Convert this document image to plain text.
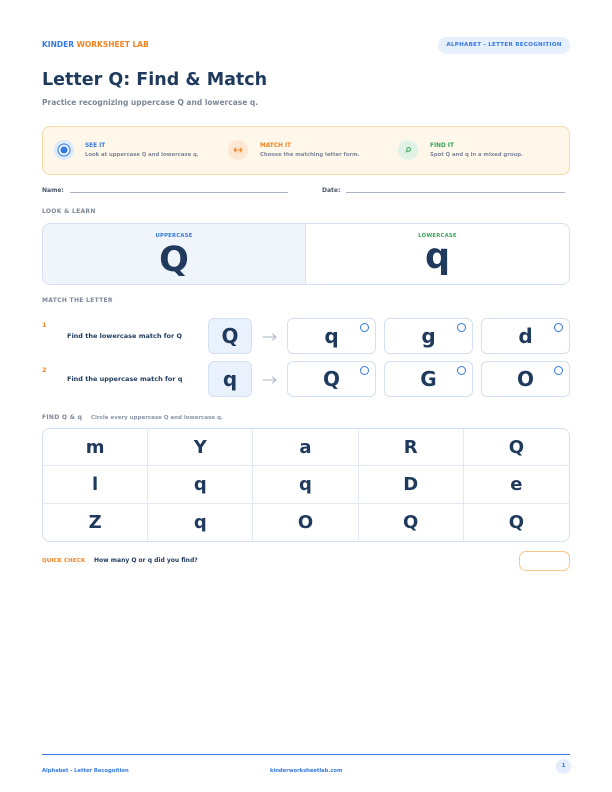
KINDER WORKSHEET LAB	ALPHABET - LETTER RECOGNITION
Letter Q: Find & Match
Practice recognizing uppercase Q and lowercase q.
SEE IT
Look at uppercase Q and lowercase q.
MATCH IT
Choose the matching letter form.
FIND IT
Spot Q and q in a mixed group.
Name:	Date:
LOOK & LEARN
UPPERCASE
Q
LOWERCASE
q
MATCH THE LETTER
1
Find the lowercase match for Q	Q	q	g	d
2
Find the uppercase match for q	q	Q	G	O
FIND Q & q Circle every uppercase Q and lowercase q.
m	Y	a	R	Q
l	q	q	D	e
Z	q	O	Q	Q
QUICK CHECK How many Q or q did you find?
Alphabet - Letter Recognition	kinderworksheetlab.com
1
